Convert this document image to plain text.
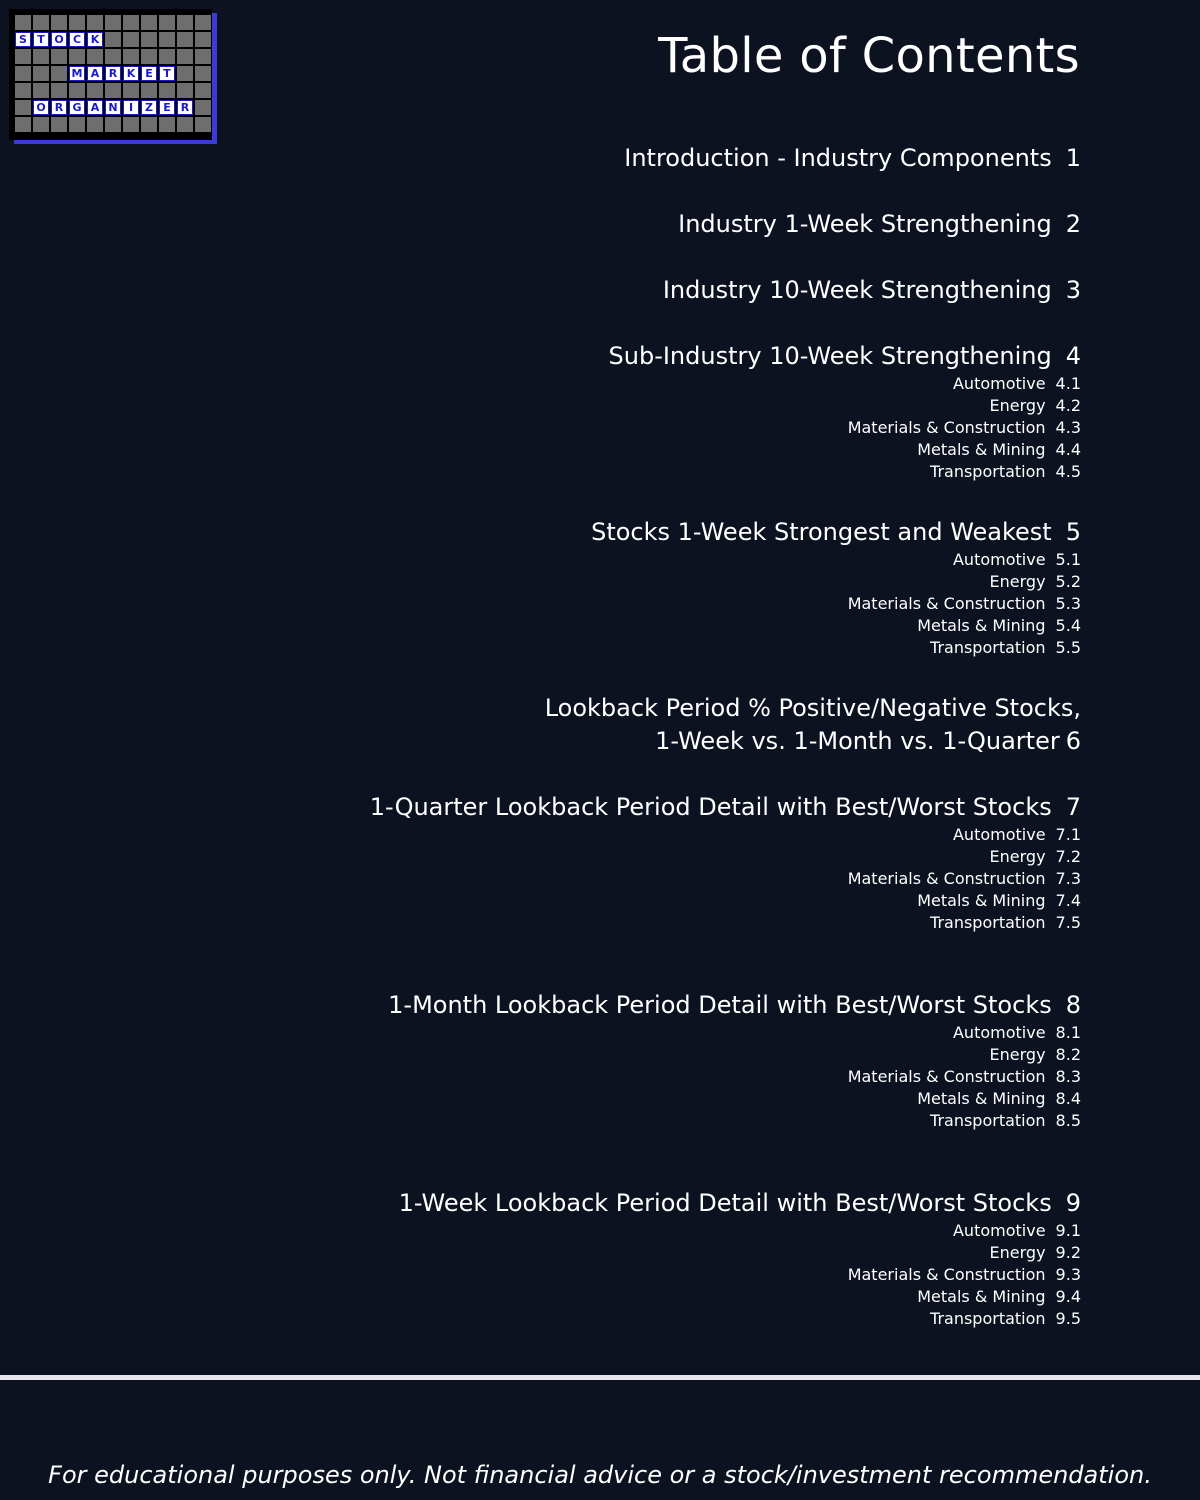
S T O C K
M A R K E T
O R G A N	I	Z E R
Table of Contents
Introduction - Industry Components 1
Industry 1-Week Strengthening 2
Industry 10-Week Strengthening 3
Sub-Industry 10-Week Strengthening 4
Automotive 4.1
Energy 4.2
Materials & Construction 4.3
Metals & Mining 4.4
Transportation 4.5
Stocks 1-Week Strongest and Weakest 5
Automotive 5.1
Energy 5.2
Materials & Construction 5.3
Metals & Mining 5.4
Transportation 5.5
Lookback Period % Positive/Negative Stocks,
1-Week vs. 1-Month vs. 1-Quarter 6
1-Quarter Lookback Period Detail with Best/Worst Stocks 7
Automotive 7.1
Energy 7.2
Materials & Construction 7.3
Metals & Mining 7.4
Transportation 7.5
1-Month Lookback Period Detail with Best/Worst Stocks 8
Automotive 8.1
Energy 8.2
Materials & Construction 8.3
Metals & Mining 8.4
Transportation 8.5
1-Week Lookback Period Detail with Best/Worst Stocks 9
Automotive 9.1
Energy 9.2
Materials & Construction 9.3
Metals & Mining 9.4
Transportation 9.5
For educational purposes only. Not financial advice or a stock/investment recommendation.
